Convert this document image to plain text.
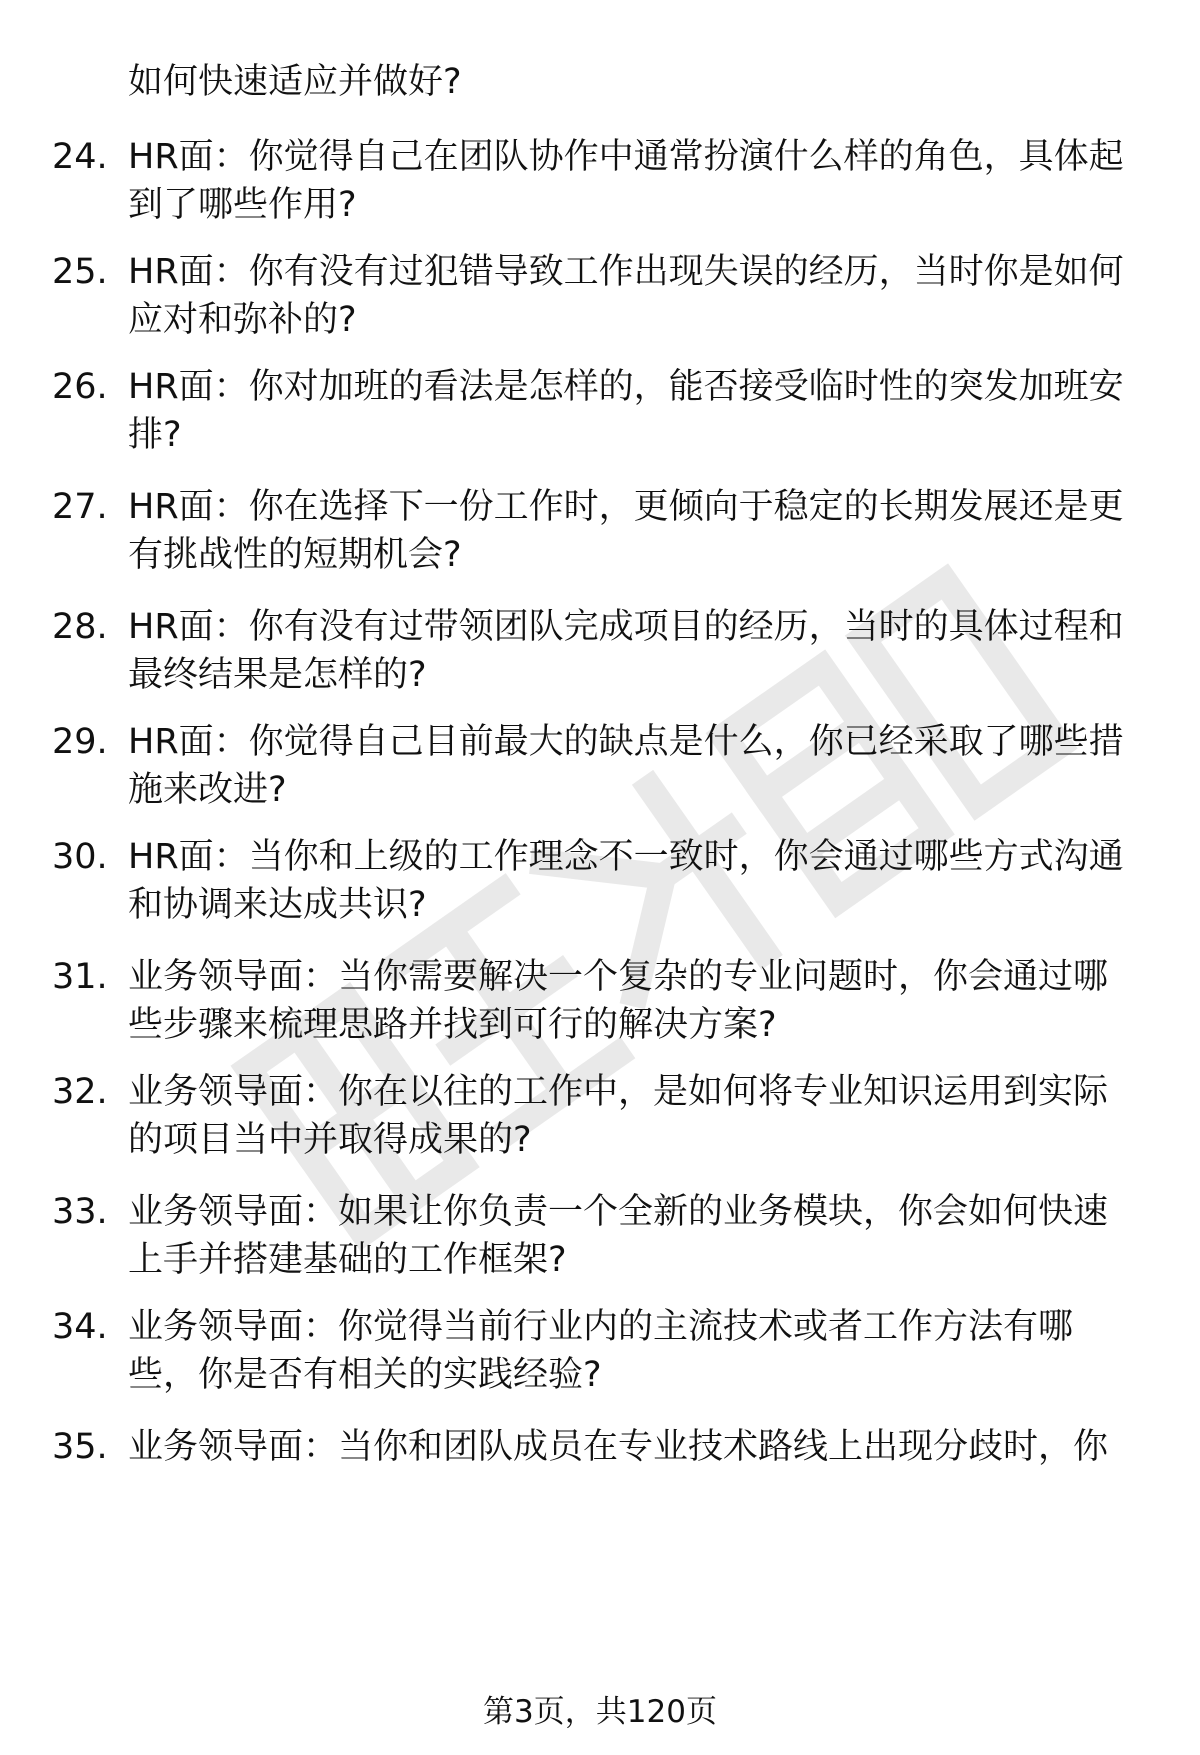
如何快速适应并做好?
24. HR面：你觉得自己在团队协作中通常扮演什么样的角色，具体起
到了哪些作用?
25. HR面：你有没有过犯错导致工作出现失误的经历，当时你是如何
应对和弥补的?
26. HR面：你对加班的看法是怎样的，能否接受临时性的突发加班安
排?
27. HR面：你在选择下一份工作时，更倾向于稳定的长期发展还是更
有挑战性的短期机会?
28. HR面：你有没有过带领团队完成项目的经历，当时的具体过程和
最终结果是怎样的?
29. HR面：你觉得自己目前最大的缺点是什么，你已经采取了哪些措
施来改进?
30. HR面：当你和上级的工作理念不一致时，你会通过哪些方式沟通
和协调来达成共识?
31. 业务领导面：当你需要解决一个复杂的专业问题时，你会通过哪
些步骤来梳理思路并找到可行的解决方案?
32. 业务领导面：你在以往的工作中，是如何将专业知识运用到实际
的项目当中并取得成果的?
33. 业务领导面：如果让你负责一个全新的业务模块，你会如何快速
上手并搭建基础的工作框架?
34. 业务领导面：你觉得当前行业内的主流技术或者工作方法有哪
些，你是否有相关的实践经验?
35. 业务领导面：当你和团队成员在专业技术路线上出现分歧时，你
第3页，共120页
